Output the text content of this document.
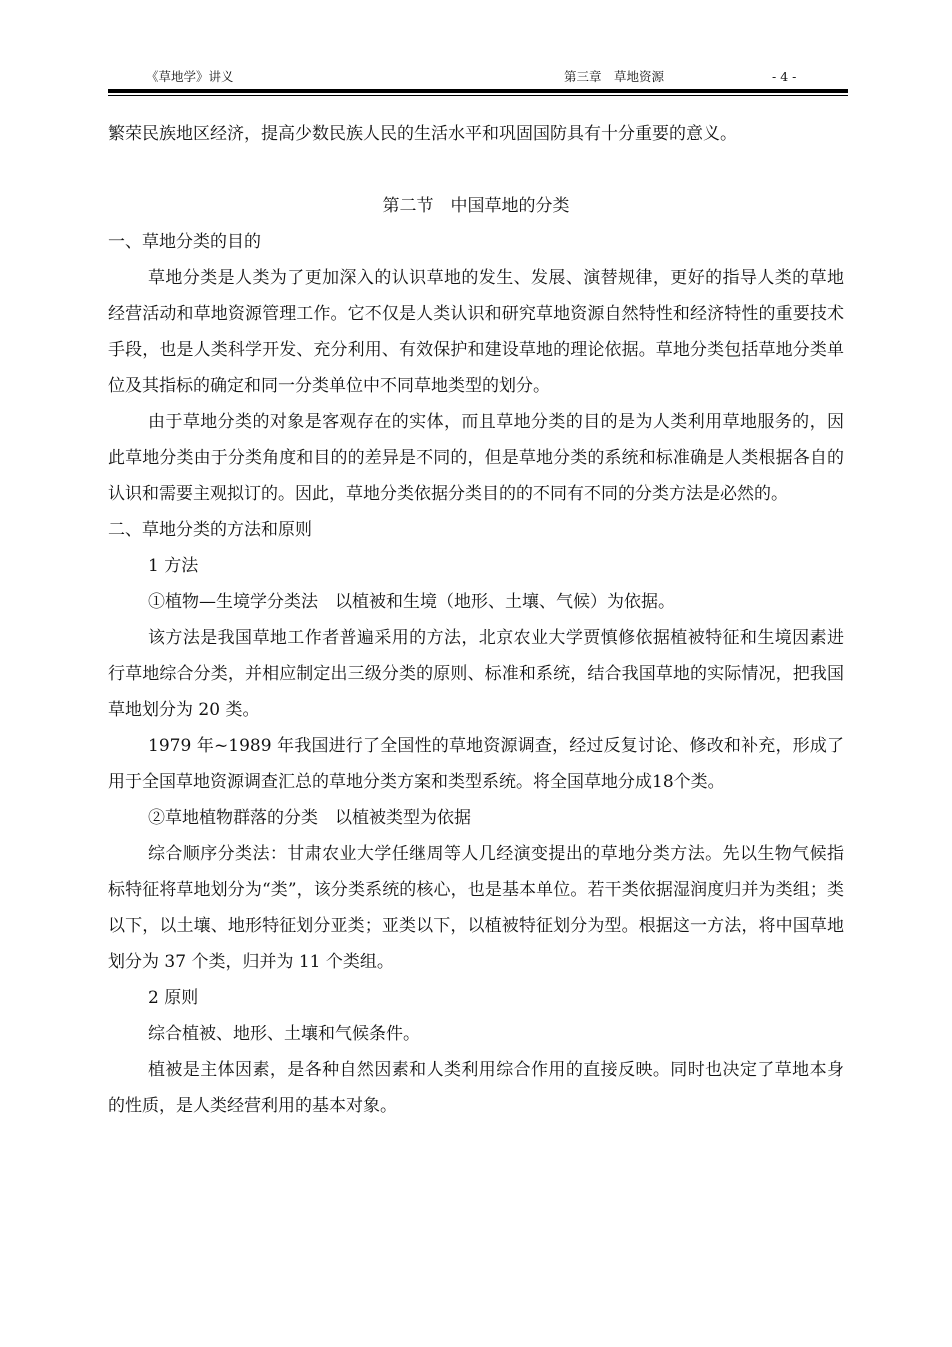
《草地学》讲义	第三章　草地资源	- 4 -

繁荣民族地区经济，提高少数民族人民的生活水平和巩固国防具有十分重要的意义。

第二节　中国草地的分类

一、草地分类的目的

草地分类是人类为了更加深入的认识草地的发生、发展、演替规律，更好的指导人类的草地经营活动和草地资源管理工作。它不仅是人类认识和研究草地资源自然特性和经济特性的重要技术手段，也是人类科学开发、充分利用、有效保护和建设草地的理论依据。草地分类包括草地分类单位及其指标的确定和同一分类单位中不同草地类型的划分。

由于草地分类的对象是客观存在的实体，而且草地分类的目的是为人类利用草地服务的，因此草地分类由于分类角度和目的的差异是不同的，但是草地分类的系统和标准确是人类根据各自的认识和需要主观拟订的。因此，草地分类依据分类目的的不同有不同的分类方法是必然的。

二、草地分类的方法和原则

1 方法

①植物—生境学分类法　以植被和生境（地形、土壤、气候）为依据。

该方法是我国草地工作者普遍采用的方法，北京农业大学贾慎修依据植被特征和生境因素进行草地综合分类，并相应制定出三级分类的原则、标准和系统，结合我国草地的实际情况，把我国草地划分为 20 类。

1979 年~1989 年我国进行了全国性的草地资源调查，经过反复讨论、修改和补充，形成了用于全国草地资源调查汇总的草地分类方案和类型系统。将全国草地分成18个类。

②草地植物群落的分类　以植被类型为依据

综合顺序分类法：甘肃农业大学任继周等人几经演变提出的草地分类方法。先以生物气候指标特征将草地划分为“类”，该分类系统的核心，也是基本单位。若干类依据湿润度归并为类组；类以下，以土壤、地形特征划分亚类；亚类以下，以植被特征划分为型。根据这一方法，将中国草地划分为 37 个类，归并为 11 个类组。

2 原则

综合植被、地形、土壤和气候条件。

植被是主体因素，是各种自然因素和人类利用综合作用的直接反映。同时也决定了草地本身的性质，是人类经营利用的基本对象。
